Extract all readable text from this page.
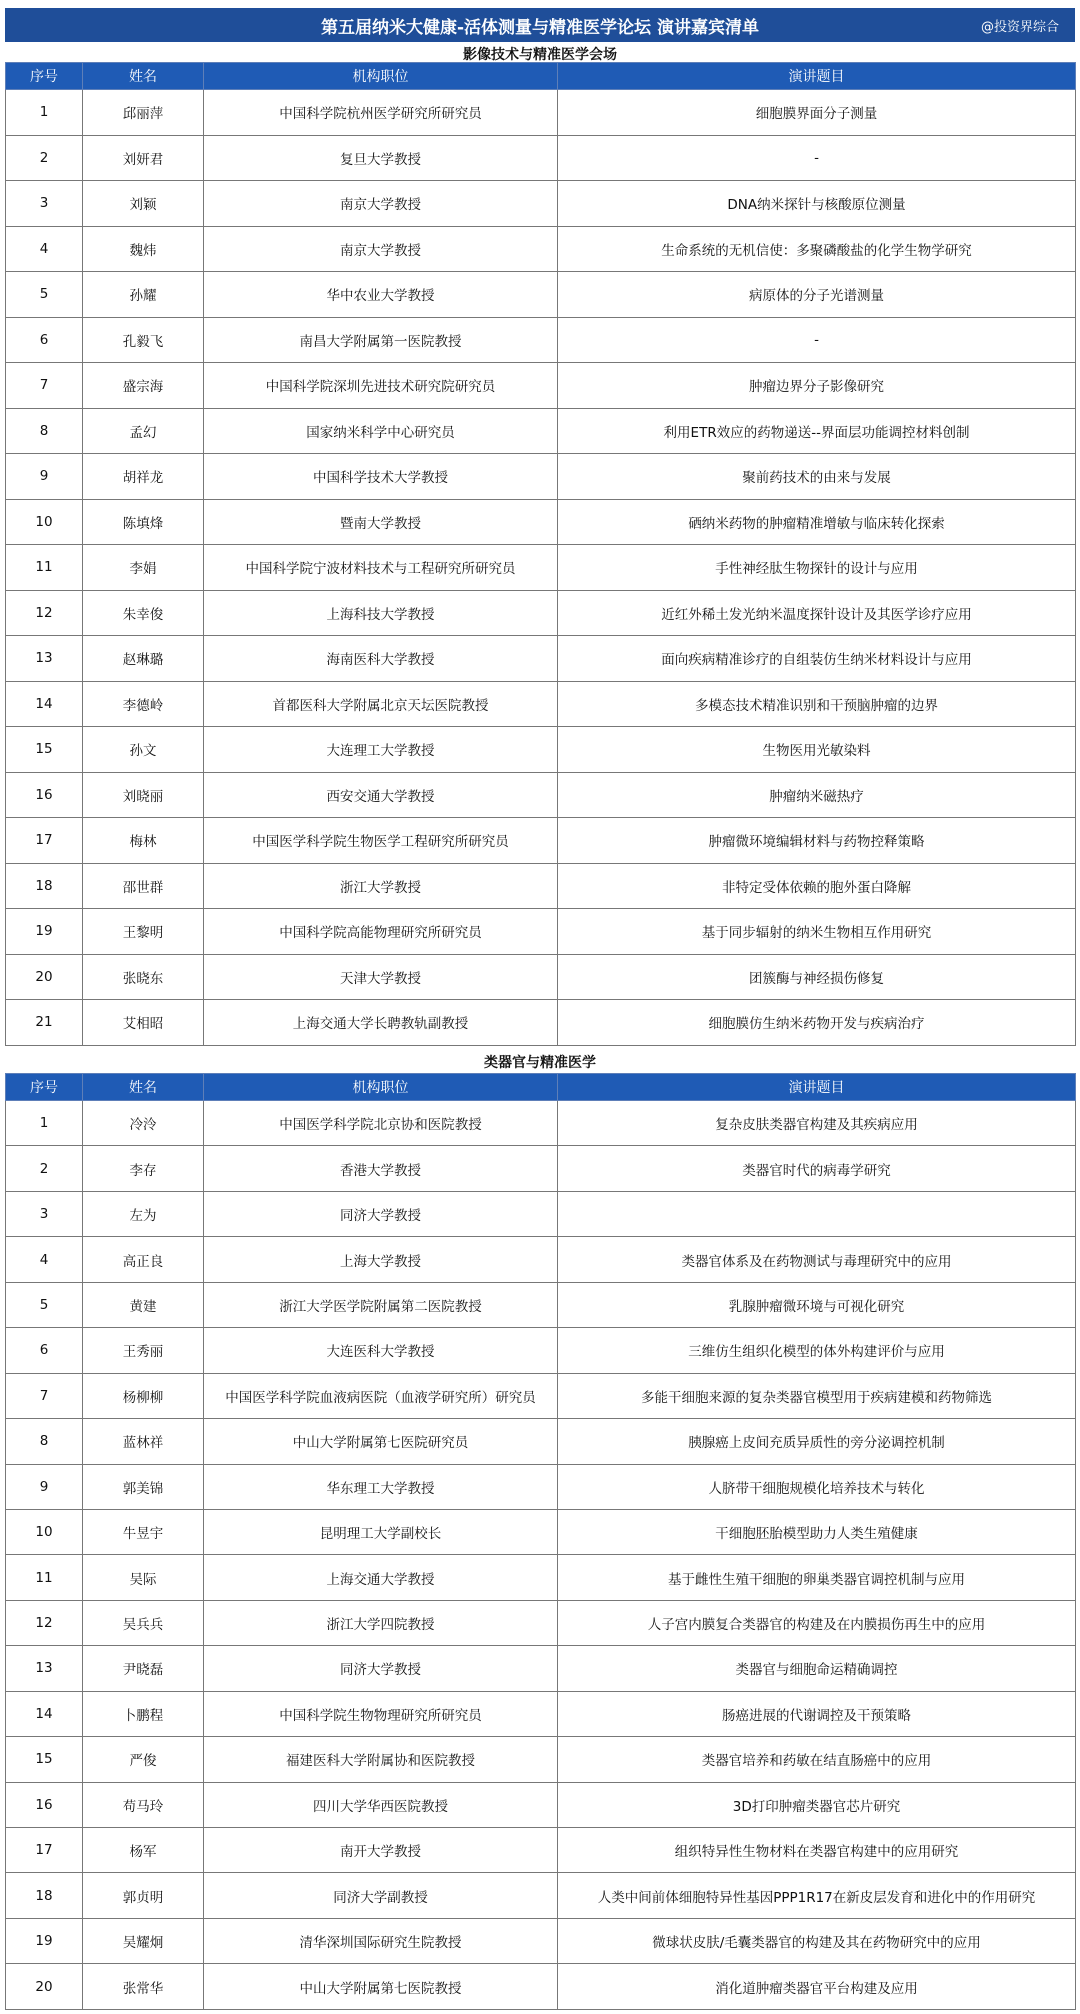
第五届纳米大健康-活体测量与精准医学论坛 演讲嘉宾清单	@投资界综合
影像技术与精准医学会场
序号	姓名	机构职位	演讲题目
1	邱丽萍	中国科学院杭州医学研究所研究员	细胞膜界面分子测量
2	刘妍君	复旦大学教授	-
3	刘颖	南京大学教授	DNA纳米探针与核酸原位测量
4	魏炜	南京大学教授	生命系统的无机信使：多聚磷酸盐的化学生物学研究
5	孙耀	华中农业大学教授	病原体的分子光谱测量
6	孔毅飞	南昌大学附属第一医院教授	-
7	盛宗海	中国科学院深圳先进技术研究院研究员	肿瘤边界分子影像研究
8	孟幻	国家纳米科学中心研究员	利用ETR效应的药物递送--界面层功能调控材料创制
9	胡祥龙	中国科学技术大学教授	聚前药技术的由来与发展
10	陈填烽	暨南大学教授	硒纳米药物的肿瘤精准增敏与临床转化探索
11	李娟	中国科学院宁波材料技术与工程研究所研究员	手性神经肽生物探针的设计与应用
12	朱幸俊	上海科技大学教授	近红外稀土发光纳米温度探针设计及其医学诊疗应用
13	赵琳璐	海南医科大学教授	面向疾病精准诊疗的自组装仿生纳米材料设计与应用
14	李德岭	首都医科大学附属北京天坛医院教授	多模态技术精准识别和干预脑肿瘤的边界
15	孙文	大连理工大学教授	生物医用光敏染料
16	刘晓丽	西安交通大学教授	肿瘤纳米磁热疗
17	梅林	中国医学科学院生物医学工程研究所研究员	肿瘤微环境编辑材料与药物控释策略
18	邵世群	浙江大学教授	非特定受体依赖的胞外蛋白降解
19	王黎明	中国科学院高能物理研究所研究员	基于同步辐射的纳米生物相互作用研究
20	张晓东	天津大学教授	团簇酶与神经损伤修复
21	艾相昭	上海交通大学长聘教轨副教授	细胞膜仿生纳米药物开发与疾病治疗
类器官与精准医学
序号	姓名	机构职位	演讲题目
1	冷泠	中国医学科学院北京协和医院教授	复杂皮肤类器官构建及其疾病应用
2	李存	香港大学教授	类器官时代的病毒学研究
3	左为	同济大学教授	
4	高正良	上海大学教授	类器官体系及在药物测试与毒理研究中的应用
5	黄建	浙江大学医学院附属第二医院教授	乳腺肿瘤微环境与可视化研究
6	王秀丽	大连医科大学教授	三维仿生组织化模型的体外构建评价与应用
7	杨柳柳	中国医学科学院血液病医院（血液学研究所）研究员	多能干细胞来源的复杂类器官模型用于疾病建模和药物筛选
8	蓝林祥	中山大学附属第七医院研究员	胰腺癌上皮间充质异质性的旁分泌调控机制
9	郭美锦	华东理工大学教授	人脐带干细胞规模化培养技术与转化
10	牛昱宇	昆明理工大学副校长	干细胞胚胎模型助力人类生殖健康
11	吴际	上海交通大学教授	基于雌性生殖干细胞的卵巢类器官调控机制与应用
12	吴兵兵	浙江大学四院教授	人子宫内膜复合类器官的构建及在内膜损伤再生中的应用
13	尹晓磊	同济大学教授	类器官与细胞命运精确调控
14	卜鹏程	中国科学院生物物理研究所研究员	肠癌进展的代谢调控及干预策略
15	严俊	福建医科大学附属协和医院教授	类器官培养和药敏在结直肠癌中的应用
16	苟马玲	四川大学华西医院教授	3D打印肿瘤类器官芯片研究
17	杨军	南开大学教授	组织特异性生物材料在类器官构建中的应用研究
18	郭贞明	同济大学副教授	人类中间前体细胞特异性基因PPP1R17在新皮层发育和进化中的作用研究
19	吴耀炯	清华深圳国际研究生院教授	微球状皮肤/毛囊类器官的构建及其在药物研究中的应用
20	张常华	中山大学附属第七医院教授	消化道肿瘤类器官平台构建及应用
